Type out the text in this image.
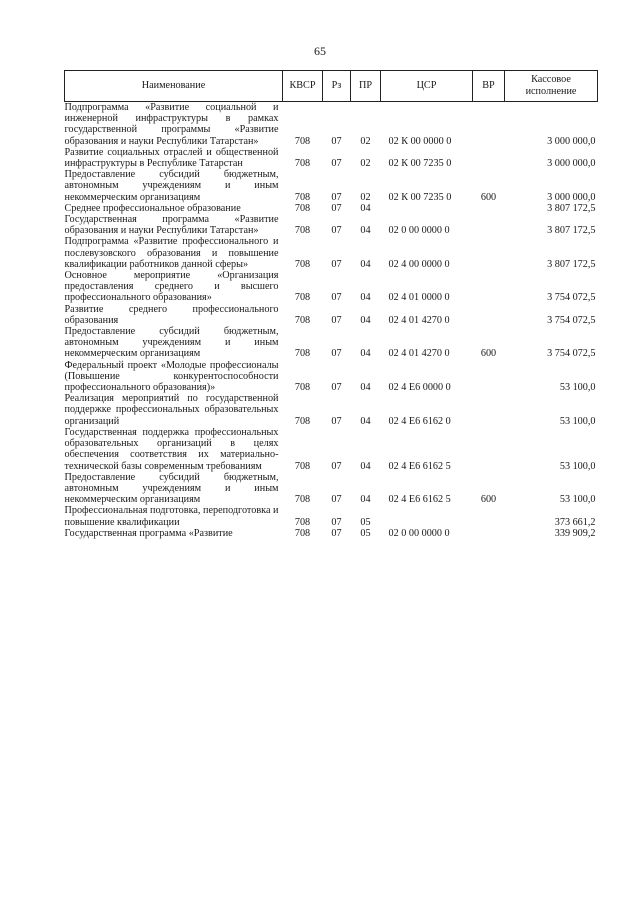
65
Наименование	КВСР	Рз	ПР	ЦСР	ВР	Кассовое исполнение
Подпрограмма «Развитие социальной и инженерной инфраструктуры в рамках государственной программы «Развитие образования и науки Республики Татарстан»	708	07	02	02 К 00 0000 0		3 000 000,0
Развитие социальных отраслей и общественной инфраструктуры в Республике Татарстан	708	07	02	02 К 00 7235 0		3 000 000,0
Предоставление субсидий бюджетным, автономным учреждениям и иным некоммерческим организациям	708	07	02	02 К 00 7235 0	600	3 000 000,0
Среднее профессиональное образование	708	07	04			3 807 172,5
Государственная программа «Развитие образования и науки Республики Татарстан»	708	07	04	02 0 00 0000 0		3 807 172,5
Подпрограмма «Развитие профессионального и послевузовского образования и повышение квалификации работников данной сферы»	708	07	04	02 4 00 0000 0		3 807 172,5
Основное мероприятие «Организация предоставления среднего и высшего профессионального образования»	708	07	04	02 4 01 0000 0		3 754 072,5
Развитие среднего профессионального образования	708	07	04	02 4 01 4270 0		3 754 072,5
Предоставление субсидий бюджетным, автономным учреждениям и иным некоммерческим организациям	708	07	04	02 4 01 4270 0	600	3 754 072,5
Федеральный проект «Молодые профессионалы (Повышение конкурентоспособности профессионального образования)»	708	07	04	02 4 Е6 0000 0		53 100,0
Реализация мероприятий по государственной поддержке профессиональных образовательных организаций	708	07	04	02 4 Е6 6162 0		53 100,0
Государственная поддержка профессиональных образовательных организаций в целях обеспечения соответствия их материально-технической базы современным требованиям	708	07	04	02 4 Е6 6162 5		53 100,0
Предоставление субсидий бюджетным, автономным учреждениям и иным некоммерческим организациям	708	07	04	02 4 Е6 6162 5	600	53 100,0
Профессиональная подготовка, переподготовка и повышение квалификации	708	07	05			373 661,2
Государственная программа «Развитие	708	07	05	02 0 00 0000 0		339 909,2
